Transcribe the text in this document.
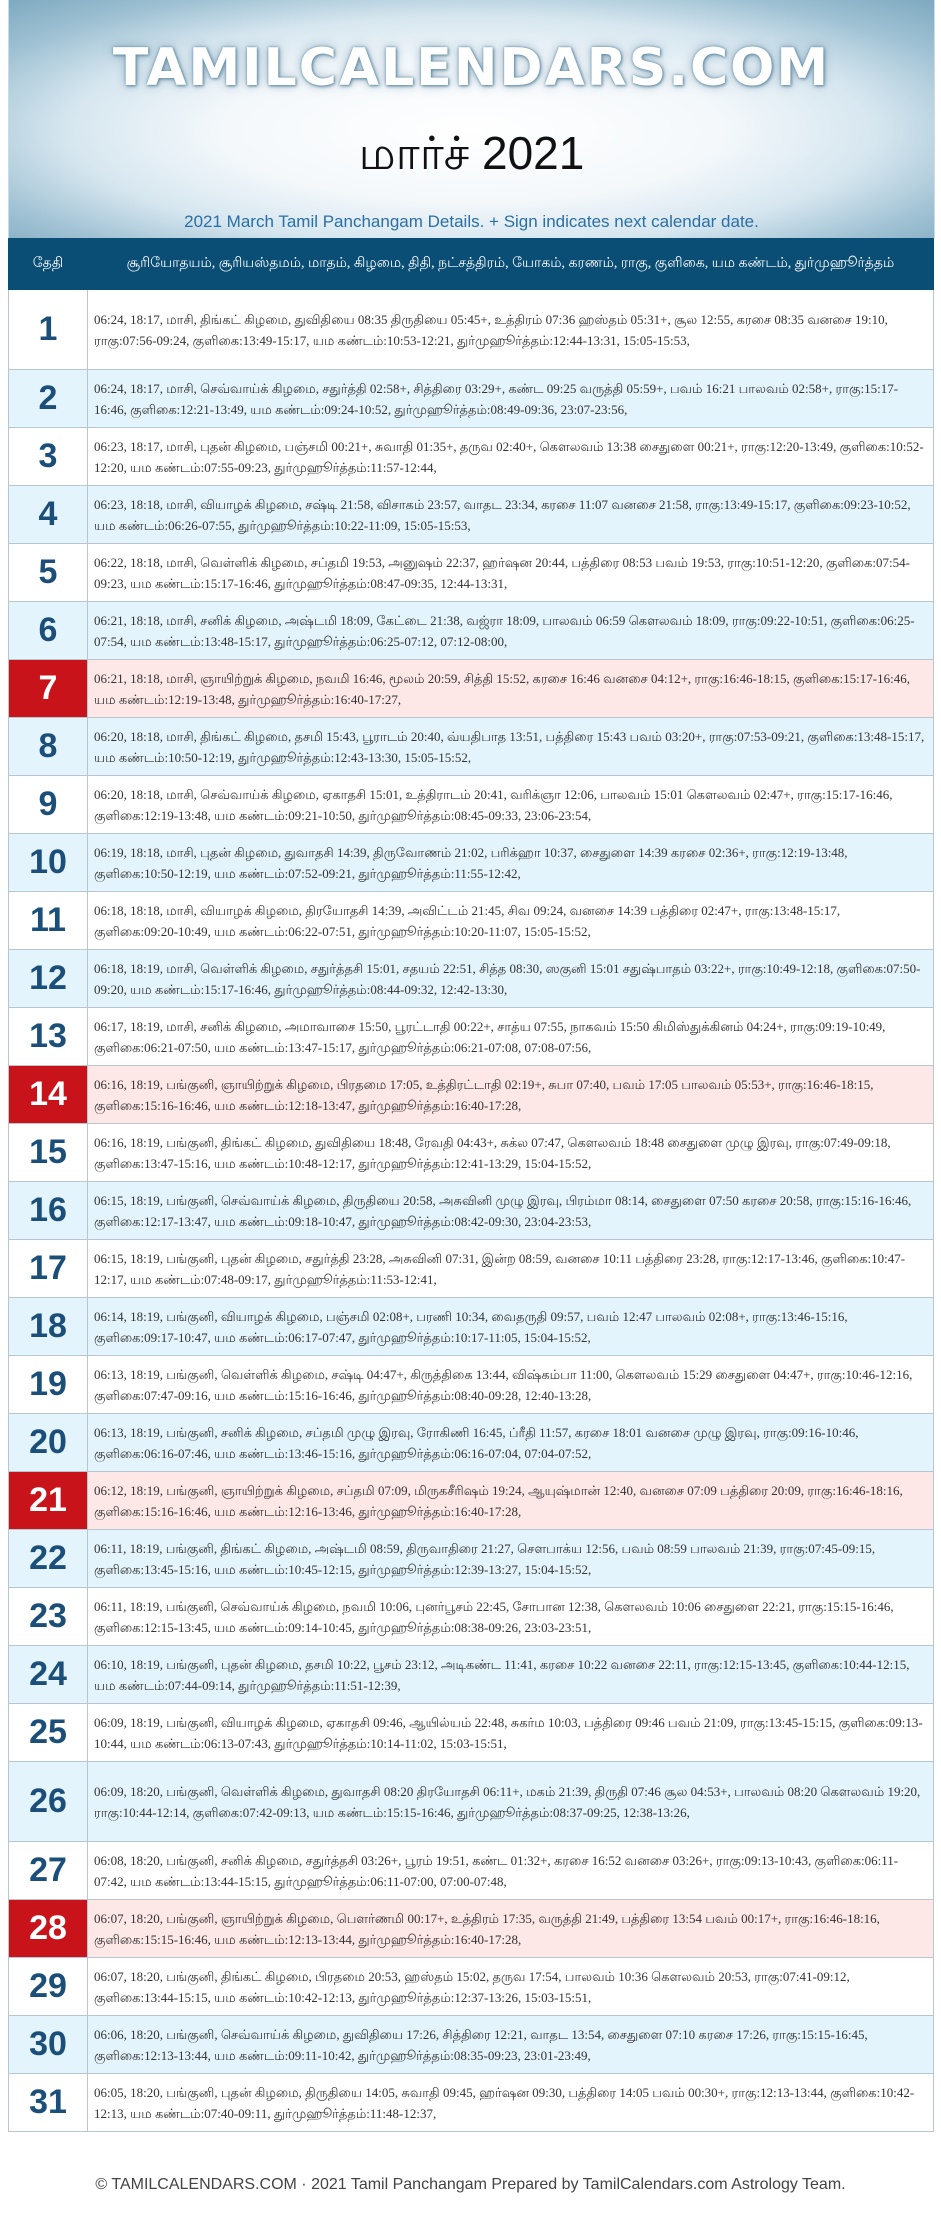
TAMILCALENDARS.COM
மார்ச் 2021
2021 March Tamil Panchangam Details. + Sign indicates next calendar date.
தேதி	சூரியோதயம், சூரியஸ்தமம், மாதம், கிழமை, திதி, நட்சத்திரம், யோகம், கரணம், ராகு, குளிகை, யம கண்டம், துர்முஹூர்த்தம்
1	06:24, 18:17, மாசி, திங்கட் கிழமை, துவிதியை 08:35 திருதியை 05:45+, உத்திரம் 07:36 ஹஸ்தம் 05:31+, சூல 12:55, கரசை 08:35 வனசை 19:10, ராகு:07:56-09:24, குளிகை:13:49-15:17, யம கண்டம்:10:53-12:21, துர்முஹூர்த்தம்:12:44-13:31, 15:05-15:53,
2	06:24, 18:17, மாசி, செவ்வாய்க் கிழமை, சதுர்த்தி 02:58+, சித்திரை 03:29+, கண்ட 09:25 வருத்தி 05:59+, பவம் 16:21 பாலவம் 02:58+, ராகு:15:17-16:46, குளிகை:12:21-13:49, யம கண்டம்:09:24-10:52, துர்முஹூர்த்தம்:08:49-09:36, 23:07-23:56,
3	06:23, 18:17, மாசி, புதன் கிழமை, பஞ்சமி 00:21+, சுவாதி 01:35+, தருவ 02:40+, கௌலவம் 13:38 சைதுளை 00:21+, ராகு:12:20-13:49, குளிகை:10:52-12:20, யம கண்டம்:07:55-09:23, துர்முஹூர்த்தம்:11:57-12:44,
4	06:23, 18:18, மாசி, வியாழக் கிழமை, சஷ்டி 21:58, விசாகம் 23:57, வாதட 23:34, கரசை 11:07 வனசை 21:58, ராகு:13:49-15:17, குளிகை:09:23-10:52, யம கண்டம்:06:26-07:55, துர்முஹூர்த்தம்:10:22-11:09, 15:05-15:53,
5	06:22, 18:18, மாசி, வெள்ளிக் கிழமை, சப்தமி 19:53, அனுஷம் 22:37, ஹர்ஷன 20:44, பத்திரை 08:53 பவம் 19:53, ராகு:10:51-12:20, குளிகை:07:54-09:23, யம கண்டம்:15:17-16:46, துர்முஹூர்த்தம்:08:47-09:35, 12:44-13:31,
6	06:21, 18:18, மாசி, சனிக் கிழமை, அஷ்டமி 18:09, கேட்டை 21:38, வஜ்ரா 18:09, பாலவம் 06:59 கௌலவம் 18:09, ராகு:09:22-10:51, குளிகை:06:25-07:54, யம கண்டம்:13:48-15:17, துர்முஹூர்த்தம்:06:25-07:12, 07:12-08:00,
7	06:21, 18:18, மாசி, ஞாயிற்றுக் கிழமை, நவமி 16:46, மூலம் 20:59, சித்தி 15:52, கரசை 16:46 வனசை 04:12+, ராகு:16:46-18:15, குளிகை:15:17-16:46, யம கண்டம்:12:19-13:48, துர்முஹூர்த்தம்:16:40-17:27,
8	06:20, 18:18, மாசி, திங்கட் கிழமை, தசமி 15:43, பூராடம் 20:40, வ்யதிபாத 13:51, பத்திரை 15:43 பவம் 03:20+, ராகு:07:53-09:21, குளிகை:13:48-15:17, யம கண்டம்:10:50-12:19, துர்முஹூர்த்தம்:12:43-13:30, 15:05-15:52,
9	06:20, 18:18, மாசி, செவ்வாய்க் கிழமை, ஏகாதசி 15:01, உத்திராடம் 20:41, வரிக்ஞா 12:06, பாலவம் 15:01 கௌலவம் 02:47+, ராகு:15:17-16:46, குளிகை:12:19-13:48, யம கண்டம்:09:21-10:50, துர்முஹூர்த்தம்:08:45-09:33, 23:06-23:54,
10	06:19, 18:18, மாசி, புதன் கிழமை, துவாதசி 14:39, திருவோணம் 21:02, பரிக்ஹா 10:37, சைதுளை 14:39 கரசை 02:36+, ராகு:12:19-13:48, குளிகை:10:50-12:19, யம கண்டம்:07:52-09:21, துர்முஹூர்த்தம்:11:55-12:42,
11	06:18, 18:18, மாசி, வியாழக் கிழமை, திரயோதசி 14:39, அவிட்டம் 21:45, சிவ 09:24, வனசை 14:39 பத்திரை 02:47+, ராகு:13:48-15:17, குளிகை:09:20-10:49, யம கண்டம்:06:22-07:51, துர்முஹூர்த்தம்:10:20-11:07, 15:05-15:52,
12	06:18, 18:19, மாசி, வெள்ளிக் கிழமை, சதுர்த்தசி 15:01, சதயம் 22:51, சித்த 08:30, ஸகுனி 15:01 சதுஷ்பாதம் 03:22+, ராகு:10:49-12:18, குளிகை:07:50-09:20, யம கண்டம்:15:17-16:46, துர்முஹூர்த்தம்:08:44-09:32, 12:42-13:30,
13	06:17, 18:19, மாசி, சனிக் கிழமை, அமாவாசை 15:50, பூரட்டாதி 00:22+, சாத்ய 07:55, நாகவம் 15:50 கிமிஸ்துக்கினம் 04:24+, ராகு:09:19-10:49, குளிகை:06:21-07:50, யம கண்டம்:13:47-15:17, துர்முஹூர்த்தம்:06:21-07:08, 07:08-07:56,
14	06:16, 18:19, பங்குனி, ஞாயிற்றுக் கிழமை, பிரதமை 17:05, உத்திரட்டாதி 02:19+, சுபா 07:40, பவம் 17:05 பாலவம் 05:53+, ராகு:16:46-18:15, குளிகை:15:16-16:46, யம கண்டம்:12:18-13:47, துர்முஹூர்த்தம்:16:40-17:28,
15	06:16, 18:19, பங்குனி, திங்கட் கிழமை, துவிதியை 18:48, ரேவதி 04:43+, சுக்ல 07:47, கௌலவம் 18:48 சைதுளை முழு இரவு, ராகு:07:49-09:18, குளிகை:13:47-15:16, யம கண்டம்:10:48-12:17, துர்முஹூர்த்தம்:12:41-13:29, 15:04-15:52,
16	06:15, 18:19, பங்குனி, செவ்வாய்க் கிழமை, திருதியை 20:58, அசுவினி முழு இரவு, பிரம்மா 08:14, சைதுளை 07:50 கரசை 20:58, ராகு:15:16-16:46, குளிகை:12:17-13:47, யம கண்டம்:09:18-10:47, துர்முஹூர்த்தம்:08:42-09:30, 23:04-23:53,
17	06:15, 18:19, பங்குனி, புதன் கிழமை, சதுர்த்தி 23:28, அசுவினி 07:31, இன்ற 08:59, வனசை 10:11 பத்திரை 23:28, ராகு:12:17-13:46, குளிகை:10:47-12:17, யம கண்டம்:07:48-09:17, துர்முஹூர்த்தம்:11:53-12:41,
18	06:14, 18:19, பங்குனி, வியாழக் கிழமை, பஞ்சமி 02:08+, பரணி 10:34, வைதருதி 09:57, பவம் 12:47 பாலவம் 02:08+, ராகு:13:46-15:16, குளிகை:09:17-10:47, யம கண்டம்:06:17-07:47, துர்முஹூர்த்தம்:10:17-11:05, 15:04-15:52,
19	06:13, 18:19, பங்குனி, வெள்ளிக் கிழமை, சஷ்டி 04:47+, கிருத்திகை 13:44, விஷ்கம்பா 11:00, கௌலவம் 15:29 சைதுளை 04:47+, ராகு:10:46-12:16, குளிகை:07:47-09:16, யம கண்டம்:15:16-16:46, துர்முஹூர்த்தம்:08:40-09:28, 12:40-13:28,
20	06:13, 18:19, பங்குனி, சனிக் கிழமை, சப்தமி முழு இரவு, ரோகிணி 16:45, ப்ரீதி 11:57, கரசை 18:01 வனசை முழு இரவு, ராகு:09:16-10:46, குளிகை:06:16-07:46, யம கண்டம்:13:46-15:16, துர்முஹூர்த்தம்:06:16-07:04, 07:04-07:52,
21	06:12, 18:19, பங்குனி, ஞாயிற்றுக் கிழமை, சப்தமி 07:09, மிருகசீரிஷம் 19:24, ஆயுஷ்மான் 12:40, வனசை 07:09 பத்திரை 20:09, ராகு:16:46-18:16, குளிகை:15:16-16:46, யம கண்டம்:12:16-13:46, துர்முஹூர்த்தம்:16:40-17:28,
22	06:11, 18:19, பங்குனி, திங்கட் கிழமை, அஷ்டமி 08:59, திருவாதிரை 21:27, சௌபாக்ய 12:56, பவம் 08:59 பாலவம் 21:39, ராகு:07:45-09:15, குளிகை:13:45-15:16, யம கண்டம்:10:45-12:15, துர்முஹூர்த்தம்:12:39-13:27, 15:04-15:52,
23	06:11, 18:19, பங்குனி, செவ்வாய்க் கிழமை, நவமி 10:06, புனர்பூசம் 22:45, சோபான 12:38, கௌலவம் 10:06 சைதுளை 22:21, ராகு:15:15-16:46, குளிகை:12:15-13:45, யம கண்டம்:09:14-10:45, துர்முஹூர்த்தம்:08:38-09:26, 23:03-23:51,
24	06:10, 18:19, பங்குனி, புதன் கிழமை, தசமி 10:22, பூசம் 23:12, அடிகண்ட 11:41, கரசை 10:22 வனசை 22:11, ராகு:12:15-13:45, குளிகை:10:44-12:15, யம கண்டம்:07:44-09:14, துர்முஹூர்த்தம்:11:51-12:39,
25	06:09, 18:19, பங்குனி, வியாழக் கிழமை, ஏகாதசி 09:46, ஆயில்யம் 22:48, சுகர்ம 10:03, பத்திரை 09:46 பவம் 21:09, ராகு:13:45-15:15, குளிகை:09:13-10:44, யம கண்டம்:06:13-07:43, துர்முஹூர்த்தம்:10:14-11:02, 15:03-15:51,
26	06:09, 18:20, பங்குனி, வெள்ளிக் கிழமை, துவாதசி 08:20 திரயோதசி 06:11+, மகம் 21:39, திருதி 07:46 சூல 04:53+, பாலவம் 08:20 கௌலவம் 19:20, ராகு:10:44-12:14, குளிகை:07:42-09:13, யம கண்டம்:15:15-16:46, துர்முஹூர்த்தம்:08:37-09:25, 12:38-13:26,
27	06:08, 18:20, பங்குனி, சனிக் கிழமை, சதுர்த்தசி 03:26+, பூரம் 19:51, கண்ட 01:32+, கரசை 16:52 வனசை 03:26+, ராகு:09:13-10:43, குளிகை:06:11-07:42, யம கண்டம்:13:44-15:15, துர்முஹூர்த்தம்:06:11-07:00, 07:00-07:48,
28	06:07, 18:20, பங்குனி, ஞாயிற்றுக் கிழமை, பௌர்ணமி 00:17+, உத்திரம் 17:35, வருத்தி 21:49, பத்திரை 13:54 பவம் 00:17+, ராகு:16:46-18:16, குளிகை:15:15-16:46, யம கண்டம்:12:13-13:44, துர்முஹூர்த்தம்:16:40-17:28,
29	06:07, 18:20, பங்குனி, திங்கட் கிழமை, பிரதமை 20:53, ஹஸ்தம் 15:02, தருவ 17:54, பாலவம் 10:36 கௌலவம் 20:53, ராகு:07:41-09:12, குளிகை:13:44-15:15, யம கண்டம்:10:42-12:13, துர்முஹூர்த்தம்:12:37-13:26, 15:03-15:51,
30	06:06, 18:20, பங்குனி, செவ்வாய்க் கிழமை, துவிதியை 17:26, சித்திரை 12:21, வாதட 13:54, சைதுளை 07:10 கரசை 17:26, ராகு:15:15-16:45, குளிகை:12:13-13:44, யம கண்டம்:09:11-10:42, துர்முஹூர்த்தம்:08:35-09:23, 23:01-23:49,
31	06:05, 18:20, பங்குனி, புதன் கிழமை, திருதியை 14:05, சுவாதி 09:45, ஹர்ஷன 09:30, பத்திரை 14:05 பவம் 00:30+, ராகு:12:13-13:44, குளிகை:10:42-12:13, யம கண்டம்:07:40-09:11, துர்முஹூர்த்தம்:11:48-12:37,
© TAMILCALENDARS.COM · 2021 Tamil Panchangam Prepared by TamilCalendars.com Astrology Team.
